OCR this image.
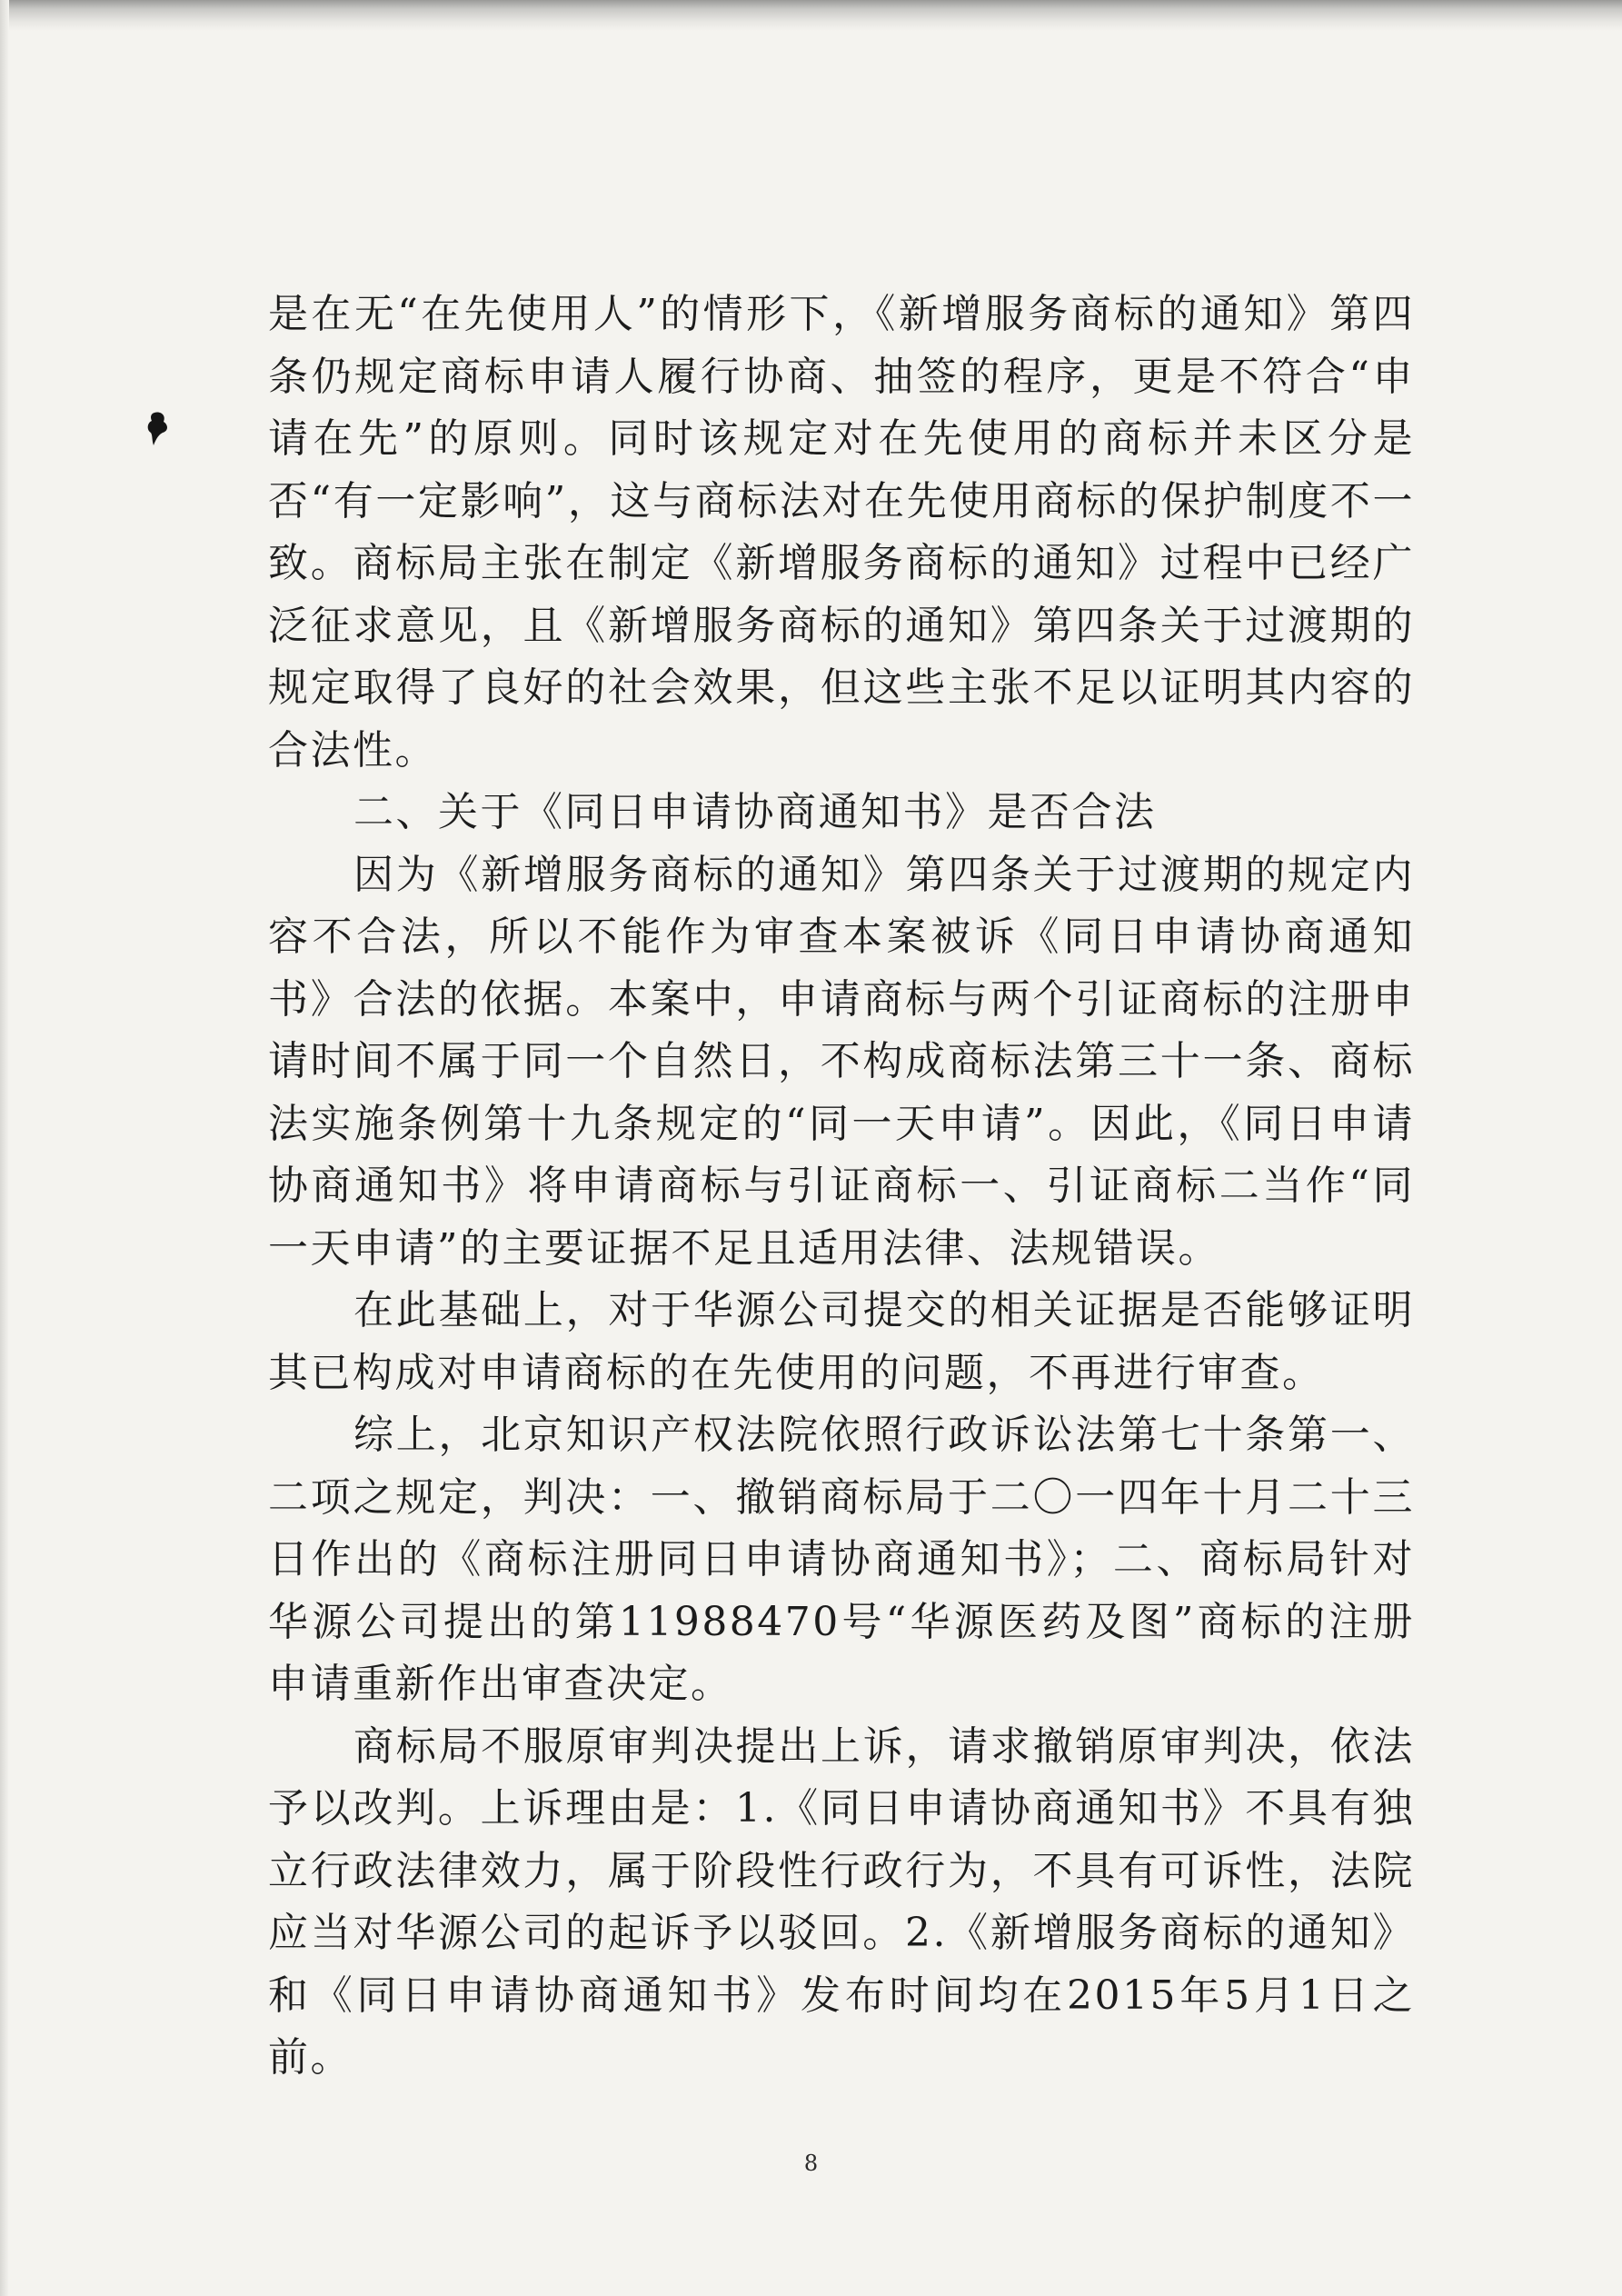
是在无“在先使用人”的情形下，《新增服务商标的通知》第四条仍规定商标申请人履行协商、抽签的程序，更是不符合“申请在先”的原则。同时该规定对在先使用的商标并未区分是否“有一定影响”，这与商标法对在先使用商标的保护制度不一致。商标局主张在制定《新增服务商标的通知》过程中已经广泛征求意见，且《新增服务商标的通知》第四条关于过渡期的规定取得了良好的社会效果，但这些主张不足以证明其内容的合法性。

二、关于《同日申请协商通知书》是否合法

因为《新增服务商标的通知》第四条关于过渡期的规定内容不合法，所以不能作为审查本案被诉《同日申请协商通知书》合法的依据。本案中，申请商标与两个引证商标的注册申请时间不属于同一个自然日，不构成商标法第三十一条、商标法实施条例第十九条规定的“同一天申请”。因此，《同日申请协商通知书》将申请商标与引证商标一、引证商标二当作“同一天申请”的主要证据不足且适用法律、法规错误。

在此基础上，对于华源公司提交的相关证据是否能够证明其已构成对申请商标的在先使用的问题，不再进行审查。

综上，北京知识产权法院依照行政诉讼法第七十条第一、二项之规定，判决：一、撤销商标局于二〇一四年十月二十三日作出的《商标注册同日申请协商通知书》；二、商标局针对华源公司提出的第11988470号“华源医药及图”商标的注册申请重新作出审查决定。

商标局不服原审判决提出上诉，请求撤销原审判决，依法予以改判。上诉理由是：1.《同日申请协商通知书》不具有独立行政法律效力，属于阶段性行政行为，不具有可诉性，法院应当对华源公司的起诉予以驳回。2.《新增服务商标的通知》和《同日申请协商通知书》发布时间均在2015年5月1日之前。

8
